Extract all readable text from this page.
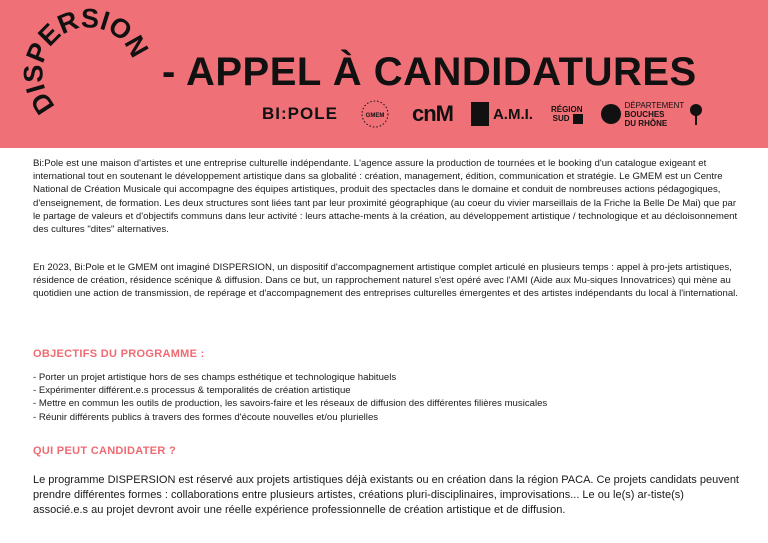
DISPERSION
- APPEL À CANDIDATURES
BI:POLE	GMEM cnM	A.M.I. RÉGION
SUD
DÉPARTEMENT
BOUCHES
DU RHÔNE

Bi:Pole est une maison d'artistes et une entreprise culturelle indépendante. L'agence assure la production de tournées et le booking d'un catalogue exigeant et international tout en soutenant le développement artistique dans sa globalité : création, management, édition, communication et stratégie. Le GMEM est un Centre National de Création Musicale qui accompagne des équipes artistiques, produit des spectacles dans le domaine et conduit de nombreuses actions pédagogiques, d'enseignement, de formation. Les deux structures sont liées tant par leur proximité géographique (au coeur du vivier marseillais de la Friche la Belle De Mai) que par le partage de valeurs et d'objectifs communs dans leur activité : leurs attache-ments à la création, au développement artistique / technologique et au décloisonnement des cultures "dites" alternatives.

En 2023, Bi:Pole et le GMEM ont imaginé DISPERSION, un dispositif d'accompagnement artistique complet articulé en plusieurs temps : appel à pro-jets artistiques, résidence de création, résidence scénique & diffusion. Dans ce but, un rapprochement naturel s'est opéré avec l'AMI (Aide aux Mu-siques Innovatrices) qui mène au quotidien une action de transmission, de repérage et d'accompagnement des entreprises culturelles émergentes et des artistes indépendants du local à l'international.

OBJECTIFS DU PROGRAMME :
- Porter un projet artistique hors de ses champs esthétique et technologique habituels
- Expérimenter différent.e.s processus & temporalités de création artistique
- Mettre en commun les outils de production, les savoirs-faire et les réseaux de diffusion des différentes filières musicales
- Réunir différents publics à travers des formes d'écoute nouvelles et/ou plurielles
QUI PEUT CANDIDATER ?

Le programme DISPERSION est réservé aux projets artistiques déjà existants ou en création dans la région PACA. Ce projets candidats peuvent prendre différentes formes : collaborations entre plusieurs artistes, créations pluri-disciplinaires, improvisations... Le ou le(s) ar-tiste(s) associé.e.s au projet devront avoir une réelle expérience professionnelle de création artistique et de diffusion.
